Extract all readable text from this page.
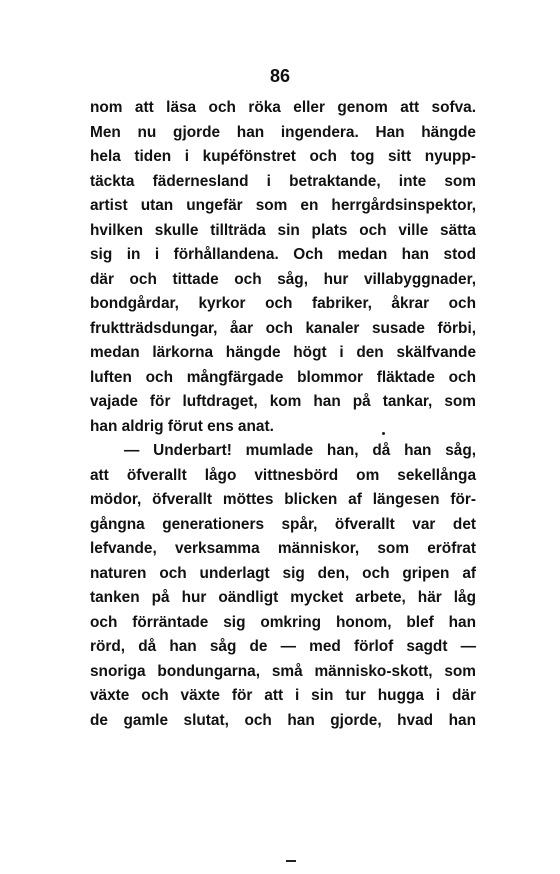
86
nom att läsa och röka eller genom att sofva.
Men nu gjorde han ingendera. Han hängde
hela tiden i kupéfönstret och tog sitt nyupp-
täckta fädernesland i betraktande, inte som
artist utan ungefär som en herrgårdsinspektor,
hvilken skulle tillträda sin plats och ville sätta
sig in i förhållandena. Och medan han stod
där och tittade och såg, hur villabyggnader,
bondgårdar, kyrkor och fabriker, åkrar och
fruktträdsdungar, åar och kanaler susade förbi,
medan lärkorna hängde högt i den skälfvande
luften och mångfärgade blommor fläktade och
vajade för luftdraget, kom han på tankar, som
han aldrig förut ens anat.
— Underbart! mumlade han, då han såg,
att öfverallt lågo vittnesbörd om sekellånga
mödor, öfverallt möttes blicken af längesen för-
gångna generationers spår, öfverallt var det
lefvande, verksamma människor, som eröfrat
naturen och underlagt sig den, och gripen af
tanken på hur oändligt mycket arbete, här låg
och förräntade sig omkring honom, blef han
rörd, då han såg de — med förlof sagdt —
snoriga bondungarna, små människo-skott, som
växte och växte för att i sin tur hugga i där
de gamle slutat, och han gjorde, hvad han
